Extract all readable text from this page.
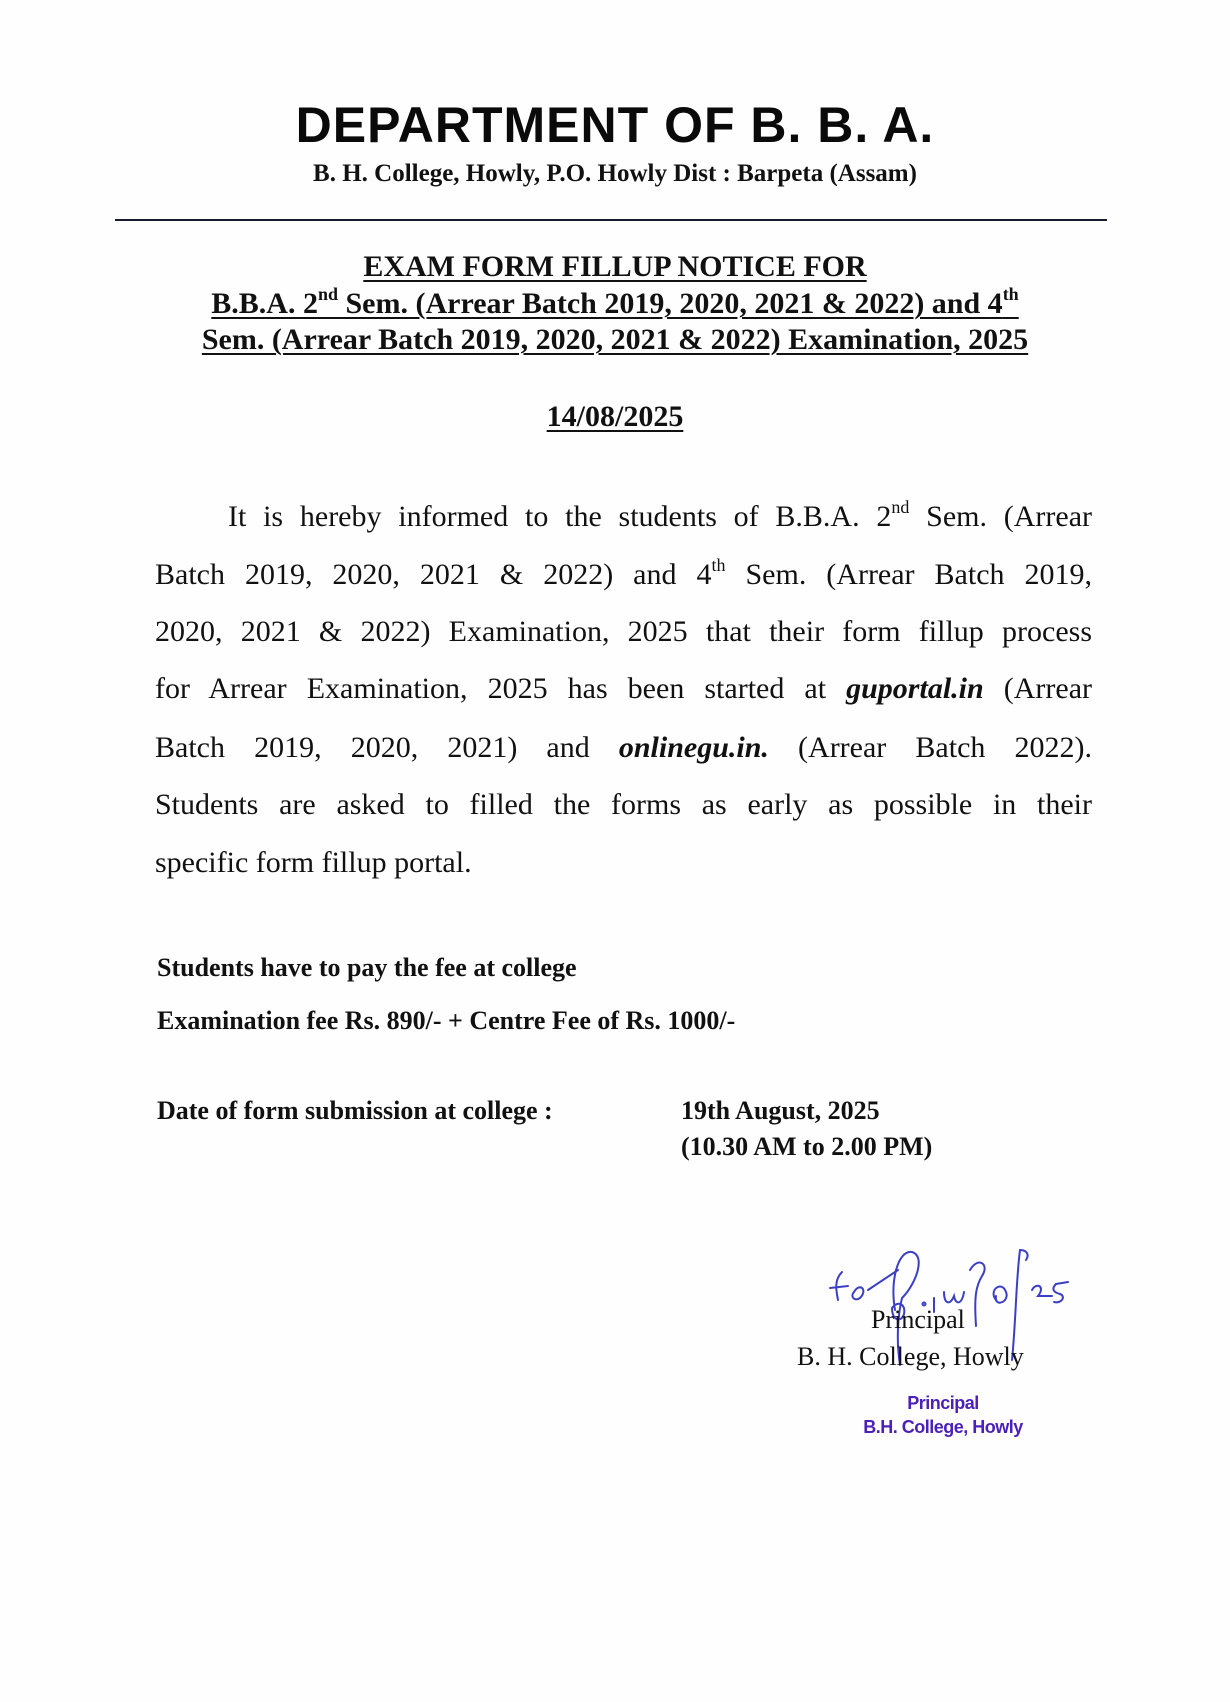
DEPARTMENT OF B. B. A.
B. H. College, Howly, P.O. Howly Dist : Barpeta (Assam)
EXAM FORM FILLUP NOTICE FOR
B.B.A. 2nd Sem. (Arrear Batch 2019, 2020, 2021 & 2022) and 4th
Sem. (Arrear Batch 2019, 2020, 2021 & 2022) Examination, 2025
14/08/2025
It is hereby informed to the students of B.B.A. 2nd Sem. (Arrear
Batch 2019, 2020, 2021 & 2022) and 4th Sem. (Arrear Batch 2019,
2020, 2021 & 2022) Examination, 2025 that their form fillup process
for Arrear Examination, 2025 has been started at guportal.in (Arrear
Batch 2019, 2020, 2021) and onlinegu.in. (Arrear Batch 2022).
Students are asked to filled the forms as early as possible in their
specific form fillup portal.
Students have to pay the fee at college
Examination fee Rs. 890/- + Centre Fee of Rs. 1000/-
Date of form submission at college :	19th August, 2025
(10.30 AM to 2.00 PM)
Principal
B. H. College, Howly
Principal
B.H. College, Howly
